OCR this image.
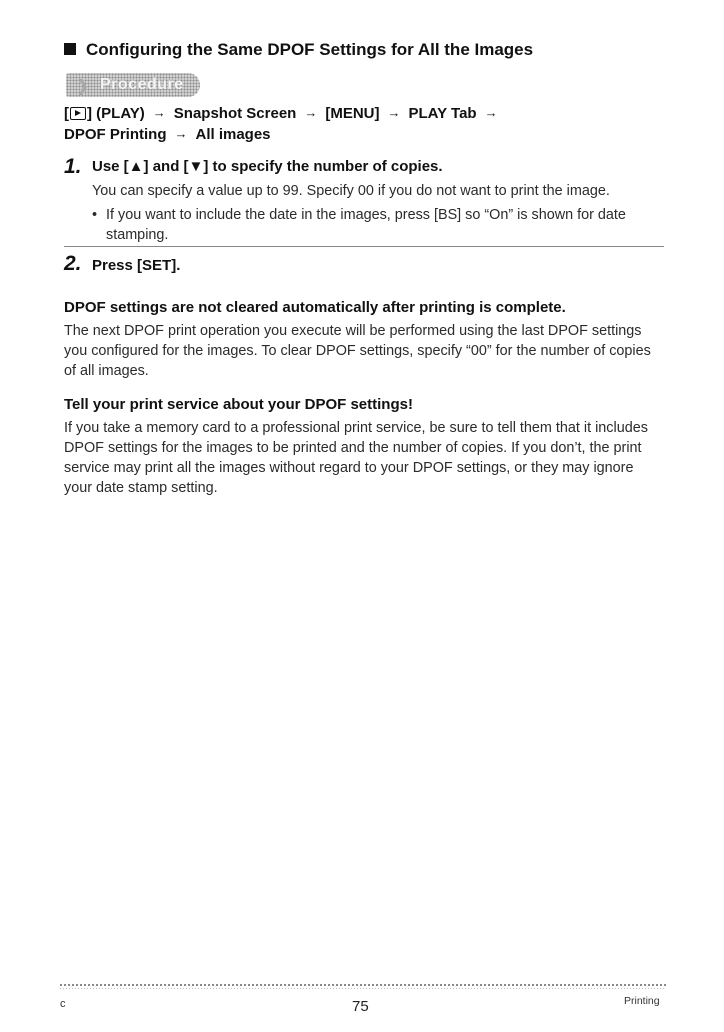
Configuring the Same DPOF Settings for All the Images
❯ Procedure
[ ] (PLAY) → Snapshot Screen → [MENU] → PLAY Tab →
DPOF Printing → All images
1. Use [▲] and [▼] to specify the number of copies.
You can specify a value up to 99. Specify 00 if you do not want to print the image.
• If you want to include the date in the images, press [BS] so “On” is shown for date stamping.
2. Press [SET].
DPOF settings are not cleared automatically after printing is complete.
The next DPOF print operation you execute will be performed using the last DPOF settings you configured for the images. To clear DPOF settings, specify “00” for the number of copies of all images.
Tell your print service about your DPOF settings!
If you take a memory card to a professional print service, be sure to tell them that it includes DPOF settings for the images to be printed and the number of copies. If you don’t, the print service may print all the images without regard to your DPOF settings, or they may ignore your date stamp setting.
c	75	Printing
